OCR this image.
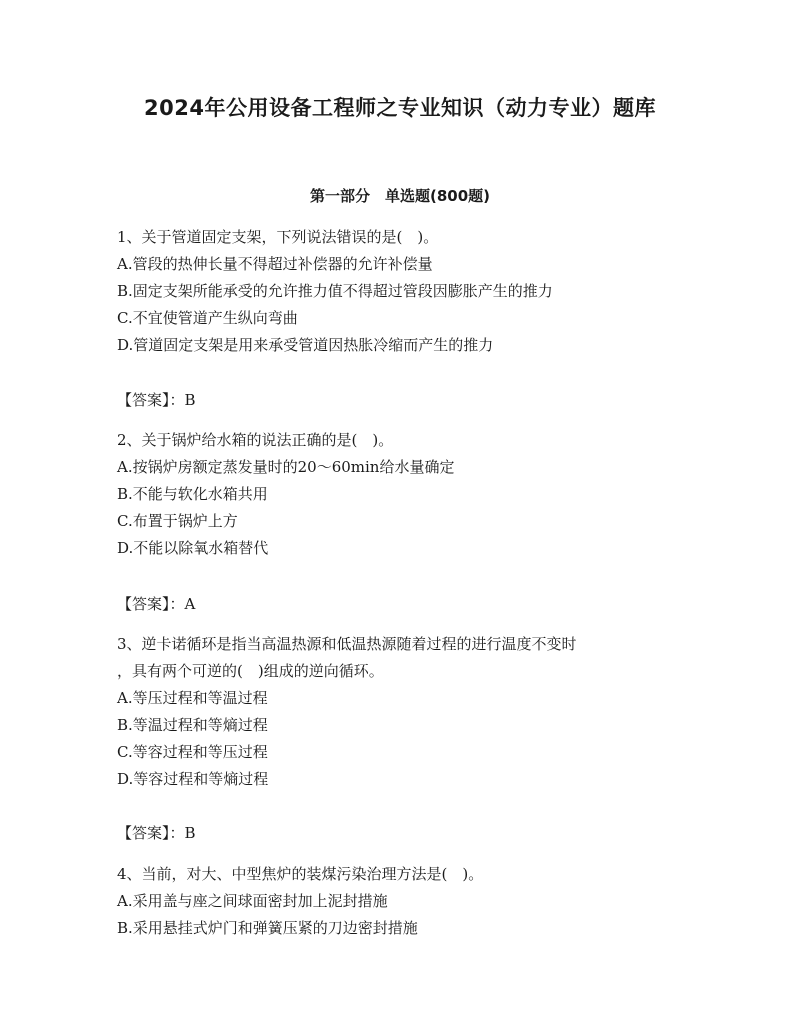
2024年公用设备工程师之专业知识（动力专业）题库
第一部分　单选题(800题)
1、关于管道固定支架，下列说法错误的是(　)。
A.管段的热伸长量不得超过补偿器的允许补偿量
B.固定支架所能承受的允许推力值不得超过管段因膨胀产生的推力
C.不宜使管道产生纵向弯曲
D.管道固定支架是用来承受管道因热胀冷缩而产生的推力
【答案】：B
2、关于锅炉给水箱的说法正确的是(　)。
A.按锅炉房额定蒸发量时的20～60min给水量确定
B.不能与软化水箱共用
C.布置于锅炉上方
D.不能以除氧水箱替代
【答案】：A
3、逆卡诺循环是指当高温热源和低温热源随着过程的进行温度不变时
，具有两个可逆的(　)组成的逆向循环。
A.等压过程和等温过程
B.等温过程和等熵过程
C.等容过程和等压过程
D.等容过程和等熵过程
【答案】：B
4、当前，对大、中型焦炉的装煤污染治理方法是(　)。
A.采用盖与座之间球面密封加上泥封措施
B.采用悬挂式炉门和弹簧压紧的刀边密封措施
